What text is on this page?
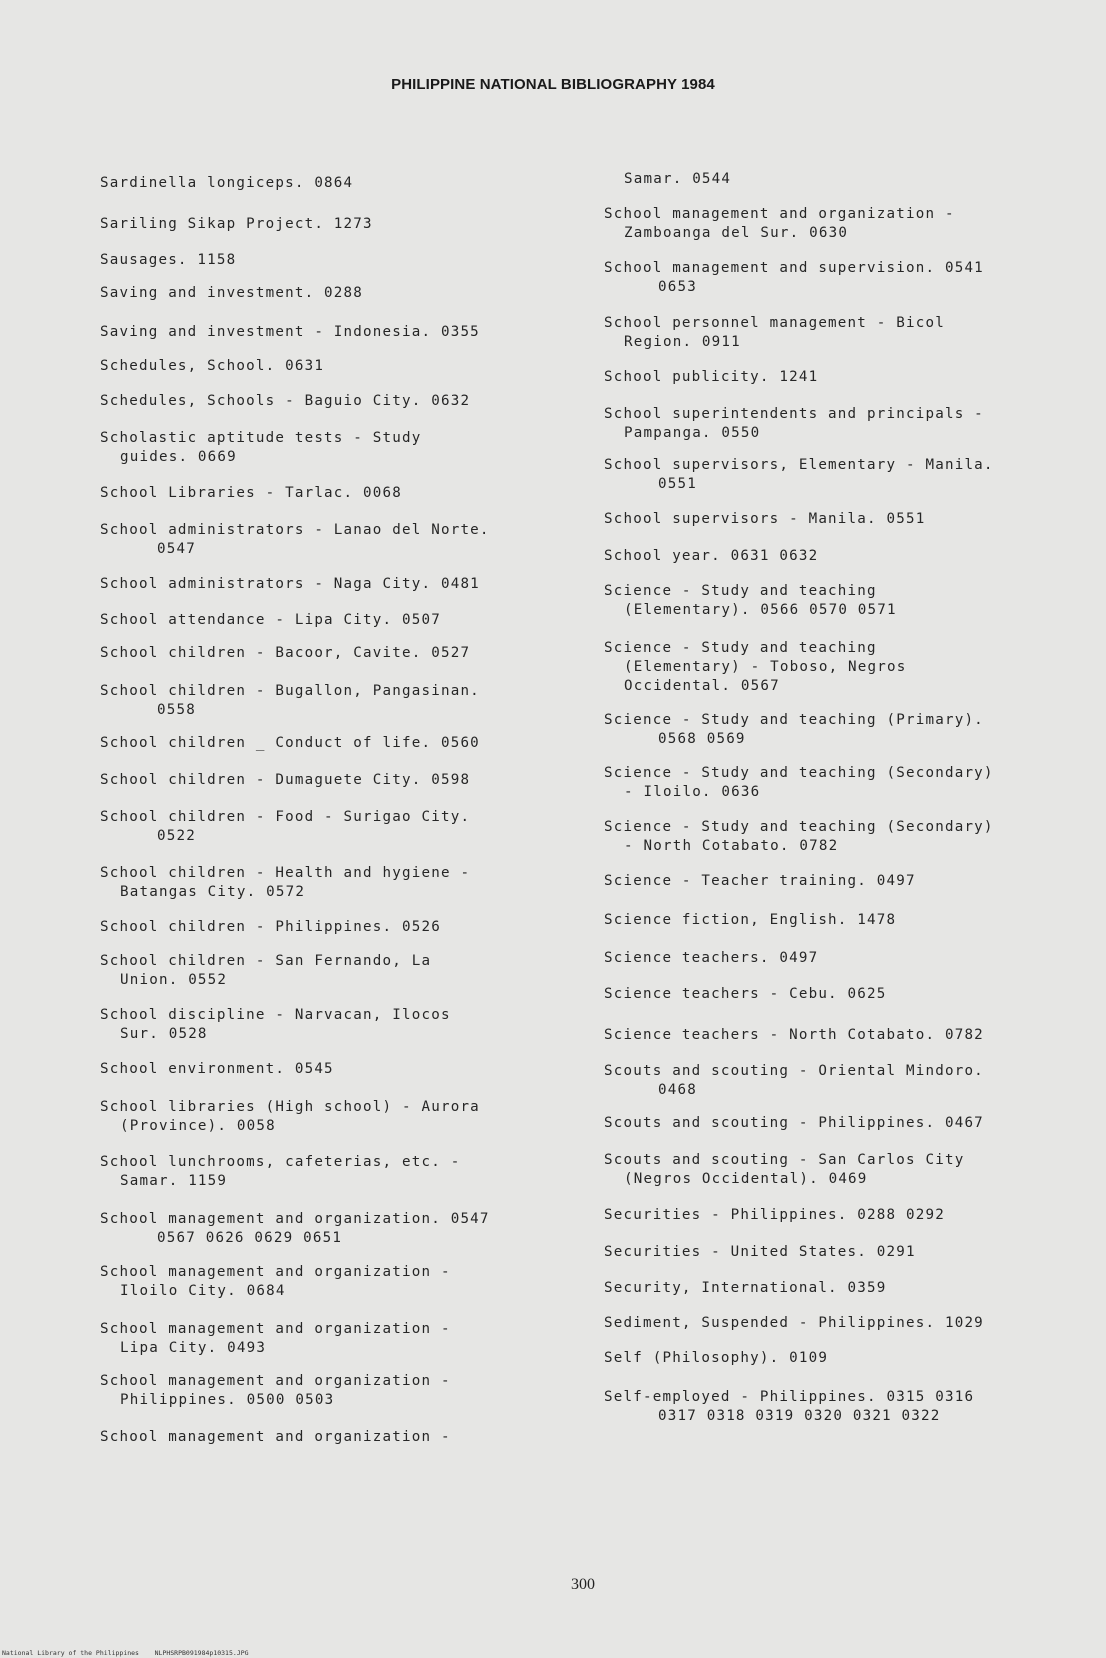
PHILIPPINE NATIONAL BIBLIOGRAPHY 1984
Sardinella longiceps. 0864
Sariling Sikap Project. 1273
Sausages. 1158
Saving and investment. 0288
Saving and investment - Indonesia. 0355
Schedules, School. 0631
Schedules, Schools - Baguio City. 0632
Scholastic aptitude tests - Study
guides. 0669
School Libraries - Tarlac. 0068
School administrators - Lanao del Norte.
0547
School administrators - Naga City. 0481
School attendance - Lipa City. 0507
School children - Bacoor, Cavite. 0527
School children - Bugallon, Pangasinan.
0558
School children _ Conduct of life. 0560
School children - Dumaguete City. 0598
School children - Food - Surigao City.
0522
School children - Health and hygiene -
Batangas City. 0572
School children - Philippines. 0526
School children - San Fernando, La
Union. 0552
School discipline - Narvacan, Ilocos
Sur. 0528
School environment. 0545
School libraries (High school) - Aurora
(Province). 0058
School lunchrooms, cafeterias, etc. -
Samar. 1159
School management and organization. 0547
0567 0626 0629 0651
School management and organization -
Iloilo City. 0684
School management and organization -
Lipa City. 0493
School management and organization -
Philippines. 0500 0503
School management and organization -
Samar. 0544
School management and organization -
Zamboanga del Sur. 0630
School management and supervision. 0541
0653
School personnel management - Bicol
Region. 0911
School publicity. 1241
School superintendents and principals -
Pampanga. 0550
School supervisors, Elementary - Manila.
0551
School supervisors - Manila. 0551
School year. 0631 0632
Science - Study and teaching
(Elementary). 0566 0570 0571
Science - Study and teaching
(Elementary) - Toboso, Negros
Occidental. 0567
Science - Study and teaching (Primary).
0568 0569
Science - Study and teaching (Secondary)
- Iloilo. 0636
Science - Study and teaching (Secondary)
- North Cotabato. 0782
Science - Teacher training. 0497
Science fiction, English. 1478
Science teachers. 0497
Science teachers - Cebu. 0625
Science teachers - North Cotabato. 0782
Scouts and scouting - Oriental Mindoro.
0468
Scouts and scouting - Philippines. 0467
Scouts and scouting - San Carlos City
(Negros Occidental). 0469
Securities - Philippines. 0288 0292
Securities - United States. 0291
Security, International. 0359
Sediment, Suspended - Philippines. 1029
Self (Philosophy). 0109
Self-employed - Philippines. 0315 0316
0317 0318 0319 0320 0321 0322
300
National Library of the Philippines    NLPHSRPB091984p10315.JPG
